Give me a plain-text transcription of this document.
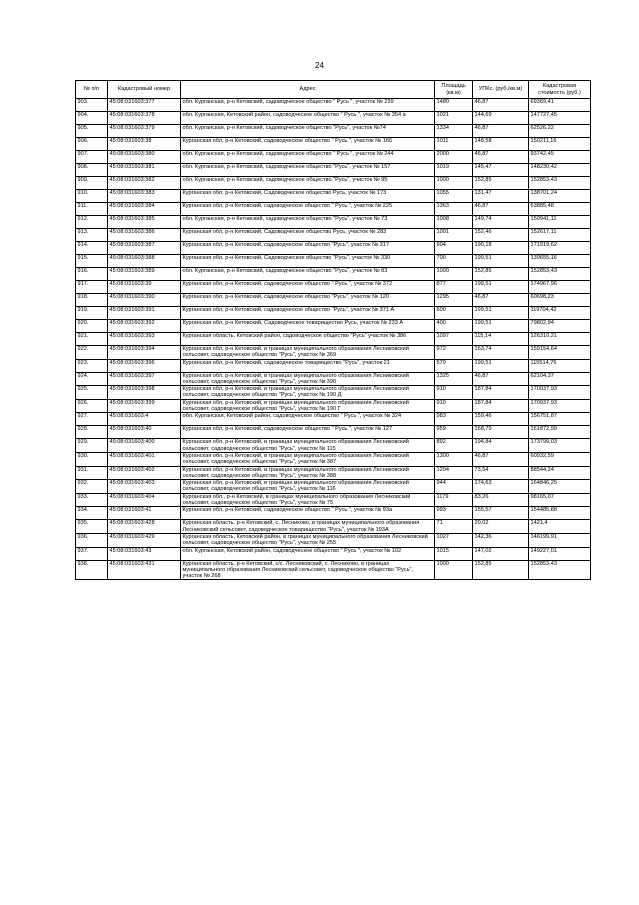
24
№ п/п	Кадастровый номер	Адрес	Площадь (кв.м)	УПКс. (руб./кв.м)	Кадастровая стоимость (руб.)
903.	45:08:031603:377	обл. Курганская, р-н Кетовский, садоводческое общество " Русь ", участок № 239	1480	46,87	69369,41
904.	45:08:031603:378	обл. Курганская, Кетовский район, садоводческое общество " Русь ", участок № 354 а	1021	144,69	147727,45
905.	45:08:031603:379	обл. Курганская, р-н Кетовский, садоводческое общество "Русь", участок №74	1334	46,87	62526,22
906.	45:08:031603:38	Курганская обл, р-н Кетовский, садоводческое общество " Русь ", участок № 166	1011	148,58	150211,16
907.	45:08:031603:380	обл. Курганская, р-н Кетовский, садоводческое общество " Русь ", участок № 244	2000	46,87	93742,45
908.	45:08:031603:381	обл. Курганская, р-н Кетовский, садоводческое общество "Русь", участок № 157	1019	145,47	148230,42
909.	45:08:031603:382	обл. Курганская, р-н Кетовский, садоводческое общество "Русь", участок № 95	1000	152,85	152853,43
910.	45:08:031603:383	Курганская обл, р-н Кетовский, Садоводческое общество Русь, участок № 173	1055	131,47	138701,24
911.	45:08:031603:384	Курганская обл, р-н Кетовский, садоводческое общество " Русь ", участок № 225	1363	46,87	63885,48
912.	45:08:031603:385	обл. Курганская, р-н Кетовский, садоводческое общество "Русь", участок № 73	1008	149,74	150941,11
913.	45:08:031603:386	Курганская обл, р-н Кетовский, Садоводческое общество Русь, участок № 283	1001	152,46	152617,11
914.	45:08:031603:387	Курганская обл, р-н Кетовский, садоводческое общество "Русь", участок № 317	904	190,18	171919,62
915.	45:08:031603:388	Курганская обл, р-н Кетовский, Садоводческое общество "Русь", участок № 330	700	199,51	139655,16
916.	45:08:031603:389	обл. Курганская, р-н Кетовский, садоводческое общество "Русь", участок № 83	1000	152,85	152853,43
917.	45:08:031603:39	Курганская обл, р-н Кетовский, садоводческое общество " Русь ", участок № 372	877	199,51	174967,96
918.	45:08:031603:390	Курганская обл, р-н Кетовский, садоводческое общество "Русь", участок № 120	1295	46,87	60698,23
919.	45:08:031603:391	Курганская обл, р-н Кетовский, садоводческое общество "Русь", участок № 371 А	600	199,51	119704,42
920.	45:08:031603:392	Курганская обл, р-н Кетовский, Садоводческое товарищество Русь, участок № 233 А	400	199,51	79802,94
921.	45:08:031603:393	Курганская область, Кетовский район, садоводческое общество "Русь" участок № 386	1097	115,14	126310,21
922.	45:08:031603:394	Курганская обл, р-н Кетовский, в границах муниципального образования Лесниковский сельсовет, садоводческое общество "Русь", участок № 369	972	163,74	159154,64
923.	45:08:031603:396	Курганская обл, р-н Кетовский, садоводческое товарищество "Русь", участок 21	579	199,51	115514,76
924.	45:08:031603:397	Курганская обл, р-н Кетовский, в границах муниципального образования Лесниковский сельсовет, садоводческое общество "Русь", участок № 390	1325	46,87	62104,37
925.	45:08:031603:398	Курганская обл, р-н Кетовский, в границах муниципального образования Лесниковский сельсовет, садоводческое общество "Русь", участок № 190 Д	910	187,84	170937,93
926.	45:08:031603:399	Курганская обл, р-н Кетовский, в границах муниципального образования Лесниковский сельсовет, садоводческое общество "Русь", участок № 190 Г	910	187,84	170937,93
927.	45:08:031603:4	обл. Курганская, Кетовский район, садоводческое общество " Русь ", участок № 324	983	159,46	156751,87
928.	45:08:031603:40	Курганская обл, р-н Кетовский, садоводческое общество " Русь ", участок № 127	959	168,79	161872,99
929.	45:08:031603:400	Курганская обл, р-н Кетовский, в границах муниципального образования Лесниковский сельсовет, садоводческое общество "Русь", участок № 115	892	194,84	173799,03
930.	45:08:031603:401	Курганская обл, р-н Кетовский, в границах муниципального образования Лесниковский сельсовет, садоводческое общество "Русь", участок № 387	1300	46,87	60932,59
931.	45:08:031603:402	Курганская обл, р-н Кетовский, в границах муниципального образования Лесниковский сельсовет, садоводческое общество "Русь", участок № 388	1204	73,54	88544,24
932.	45:08:031603:403	Курганская обл, р-н Кетовский, в границах муниципального образования Лесниковский сельсовет, садоводческое общество "Русь", участок № 116	944	174,63	164846,25
933.	45:08:031603:404	Курганская обл., р-н Кетовский, в границах муниципального образования Лесниковский сельсовет, садоводческое общество "Русь", участок № 75	1179	83,26	98165,07
934.	45:08:031603:41	Курганская обл, р-н Кетовский, садоводческое общество " Русь ", участок № 93а	993	155,57	154485,88
935.	45:08:031603:428	Курганская область, р-н Кетовский, с. Лесниково, в границах муниципального образования Лесниковский сельсовет, садоводческое товарищество "Русь", участок № 193А	71	20,02	1421,4
936.	45:08:031603:429	Курганская область, Кетовский район, в границах муниципального образования Лесниковский сельсовет, садоводческое общество "Русь", участок № 255	1027	142,36	146199,91
937.	45:08:031603:43	обл. Курганская, Кетовский район, садоводческое общество " Русь ", участок № 102	1015	147,02	149227,01
938.	45:08:031603:431	Курганская область, р-н Кетовский, с/с. Лесниковский, с. Лесниково, в границах муниципального образования Лесниковский сельсовет, садоводческое общество "Русь", участок № 268	1000	152,85	152853,43
